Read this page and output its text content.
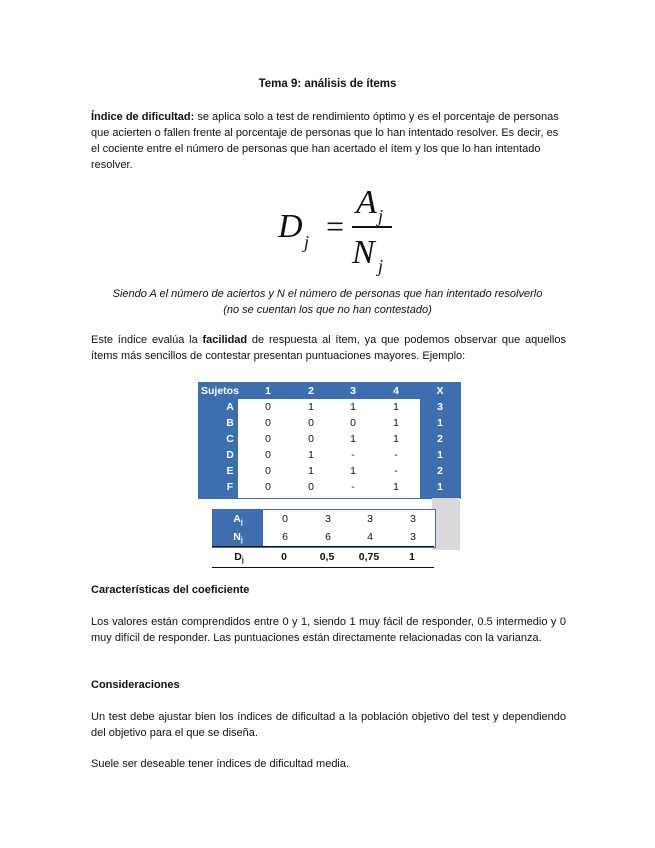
Tema 9: análisis de ítems
Índice de dificultad: se aplica solo a test de rendimiento óptimo y es el porcentaje de personas que acierten o fallen frente al porcentaje de personas que lo han intentado resolver. Es decir, es el cociente entre el número de personas que han acertado el ítem y los que lo han intentado resolver.
D j =
A j
N j
Siendo A el número de aciertos y N el número de personas que han intentado resolverlo
(no se cuentan los que no han contestado)
Este índice evalúa la facilidad de respuesta al ítem, ya que podemos observar que aquellos ítems más sencillos de contestar presentan puntuaciones mayores. Ejemplo:
Sujetos	1	2	3	4	X
A	0	1	1	1	3
B	0	0	0	1	1
C	0	0	1	1	2
D	0	1	-	-	1
E	0	1	1	-	2
F	0	0	-	1	1
$A_j$	0	3	3	3
$N_j$	6	6	4	3
$D_j$	0	0,5	0,75	1
Características del coeficiente
Los valores están comprendidos entre 0 y 1, siendo 1 muy fácil de responder, 0.5 intermedio y 0 muy difícil de responder. Las puntuaciones están directamente relacionadas con la varianza.
Consideraciones
Un test debe ajustar bien los índices de dificultad a la población objetivo del test y dependiendo del objetivo para el que se diseña.
Suele ser deseable tener índices de dificultad media.
